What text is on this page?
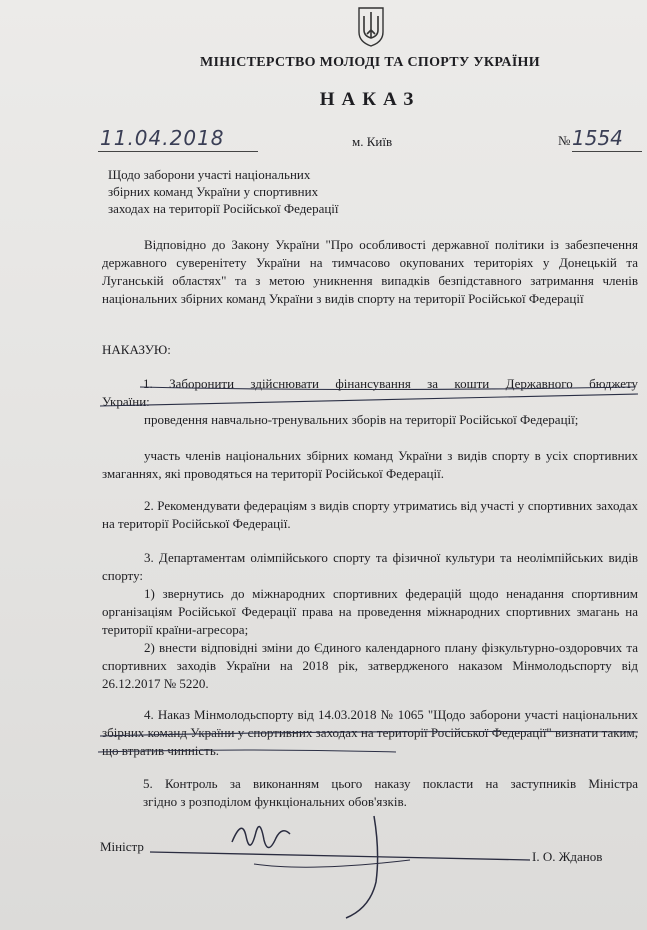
МІНІСТЕРСТВО МОЛОДІ ТА СПОРТУ УКРАЇНИ
НАКАЗ
11.04.2018	м. Київ	№ 1554
Щодо заборони участі національних
збірних команд України у спортивних
заходах на території Російської Федерації
Відповідно до Закону України "Про особливості державної політики із забезпечення державного суверенітету України на тимчасово окупованих територіях у Донецькій та Луганській областях" та з метою уникнення випадків безпідставного затримання членів національних збірних команд України з видів спорту на території Російської Федерації
НАКАЗУЮ:
1. Заборонити здійснювати фінансування за кошти Державного бюджету
України:
проведення навчально-тренувальних зборів на території Російської Федерації;
участь членів національних збірних команд України з видів спорту в усіх спортивних змаганнях, які проводяться на території Російської Федерації.
2. Рекомендувати федераціям з видів спорту утриматись від участі у спортивних заходах на території Російської Федерації.
3. Департаментам олімпійського спорту та фізичної культури та неолімпійських видів спорту:
1) звернутись до міжнародних спортивних федерацій щодо ненадання спортивним організаціям Російської Федерації права на проведення міжнародних спортивних змагань на території країни-агресора;
2) внести відповідні зміни до Єдиного календарного плану фізкультурно-оздоровчих та спортивних заходів України на 2018 рік, затвердженого наказом Мінмолодьспорту від 26.12.2017 № 5220.
4. Наказ Мінмолодьспорту від 14.03.2018 № 1065 "Щодо заборони участі національних збірних команд України у спортивних заходах на території Російської Федерації" визнати таким, що втратив чинність.
5. Контроль за виконанням цього наказу покласти на заступників Міністра
згідно з розподілом функціональних обов'язків.
Міністр
І. О. Жданов
